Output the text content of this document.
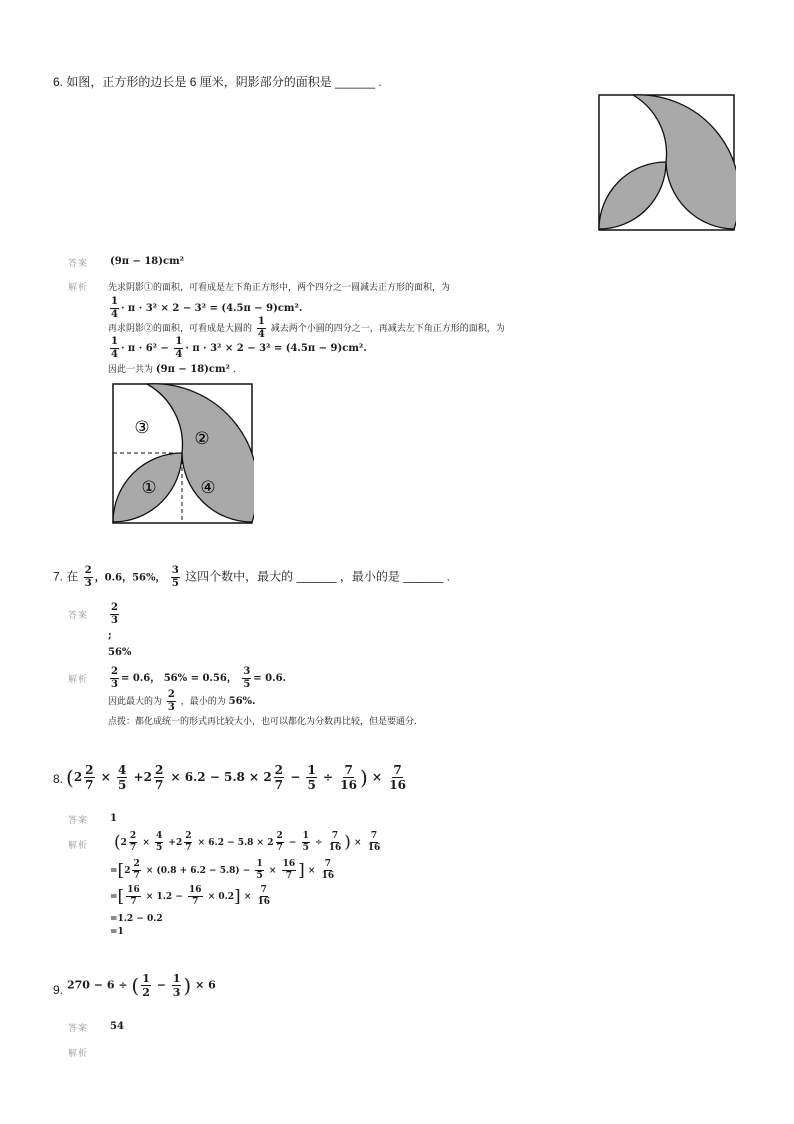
6. 如图，正方形的边长是 6 厘米，阴影部分的面积是 ______ .
答案 (9π − 18)cm²
解析 先求阴影①的面积，可看成是左下角正方形中，两个四分之一圆减去正方形的面积，为
$\frac{1}{4} \cdot \pi \cdot 3^2 \times 2 - 3^2 = (4.5\pi - 9)cm^2$.
再求阴影②的面积，可看成是大圆的 $\frac{1}{4}$ 减去两个小圆的四分之一，再减去左下角正方形的面积，为
$\frac{1}{4} \cdot \pi \cdot 6^2 - \frac{1}{4} \cdot \pi \cdot 3^2 \times 2 - 3^2 = (4.5\pi - 9)cm^2$.
因此一共为 (9π − 18)cm² .
③
②
①	④
7. 在 $\frac{2}{3}$ ，0.6，56%， $\frac{3}{5}$ 这四个数中，最大的 ______ ，最小的是 ______ .
答案 $\frac{2}{3}$
;
56%
解析 $\frac{2}{3}$ = 0.6̇， 56% = 0.56， $\frac{3}{5} = 0.6$.
因此最大的为 $\frac{2}{3}$ ，最小的为 56%.
点拨：都化成统一的形式再比较大小，也可以都化为分数再比较，但是要通分.
8. ($2 \frac{2}{7} \times \frac{4}{5} +2 \frac{2}{7} \times 6.2 - 5.8 \times 2 \frac{2}{7} - \frac{1}{5} \div \frac{7}{16}$ ) × $\frac{7}{16}$
答案 1
解析 ($2 \frac{2}{7} \times \frac{4}{5} +2 \frac{2}{7} \times 6.2 - 5.8 \times 2 \frac{2}{7} - \frac{1}{5} \div \frac{7}{16}$ ) × $\frac{7}{16}$
$=[2 \frac{2}{7} \times (0.8 + 6.2 - 5.8) - \frac{1}{5} \times \frac{16}{7}$ ] × $\frac{7}{16}$
=[ $\frac{16}{7} \times 1.2 - \frac{16}{7} \times 0.2] \times \frac{7}{16}$
=1.2 − 0.2
=1
9. 270 − 6 ÷ ( $\frac{1}{2} - \frac{1}{3}$ ) × 6
答案 54
解析
